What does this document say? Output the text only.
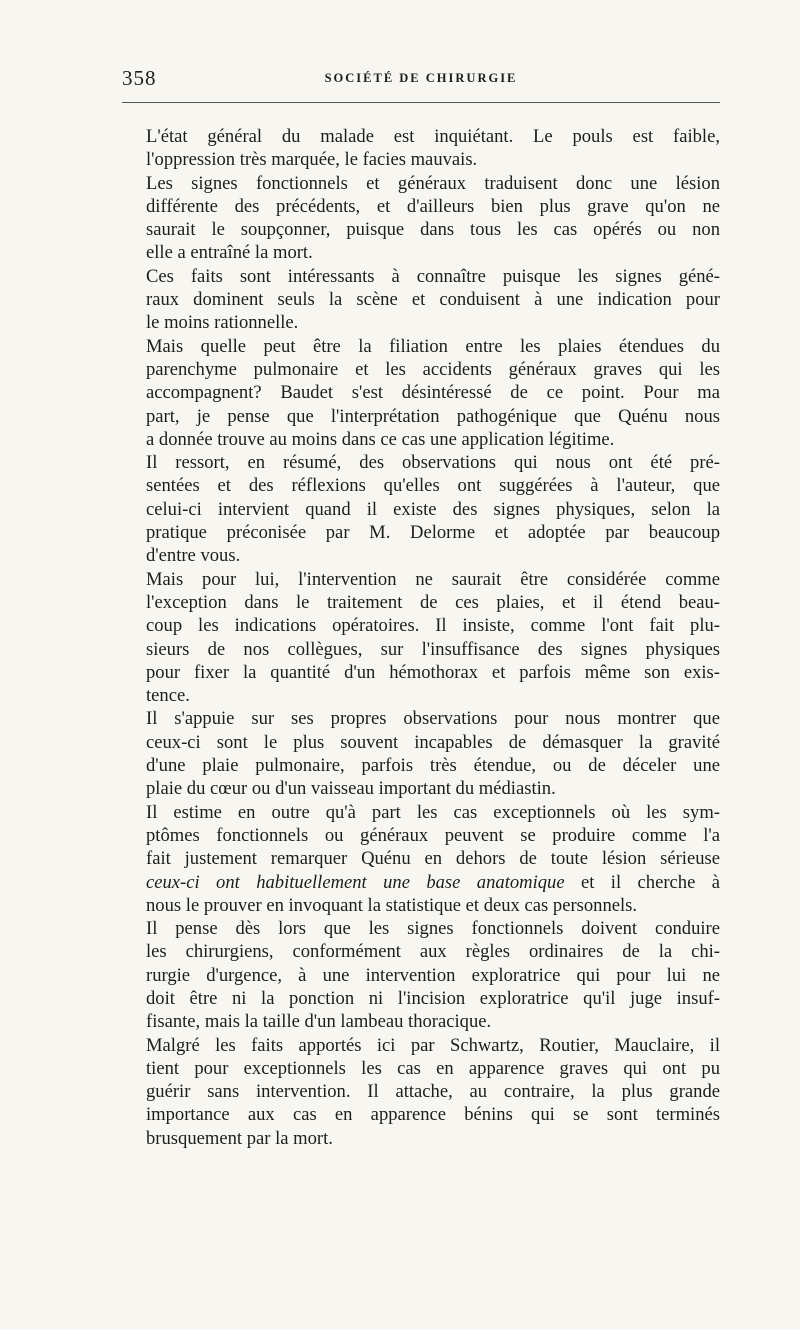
358	SOCIÉTÉ DE CHIRURGIE

L'état général du malade est inquiétant. Le pouls est faible,
l'oppression très marquée, le facies mauvais.

Les signes fonctionnels et généraux traduisent donc une lésion
différente des précédents, et d'ailleurs bien plus grave qu'on ne
saurait le soupçonner, puisque dans tous les cas opérés ou non
elle a entraîné la mort.

Ces faits sont intéressants à connaître puisque les signes géné-
raux dominent seuls la scène et conduisent à une indication pour
le moins rationnelle.

Mais quelle peut être la filiation entre les plaies étendues du
parenchyme pulmonaire et les accidents généraux graves qui les
accompagnent? Baudet s'est désintéressé de ce point. Pour ma
part, je pense que l'interprétation pathogénique que Quénu nous
a donnée trouve au moins dans ce cas une application légitime.

Il ressort, en résumé, des observations qui nous ont été pré-
sentées et des réflexions qu'elles ont suggérées à l'auteur, que
celui-ci intervient quand il existe des signes physiques, selon la
pratique préconisée par M. Delorme et adoptée par beaucoup
d'entre vous.

Mais pour lui, l'intervention ne saurait être considérée comme
l'exception dans le traitement de ces plaies, et il étend beau-
coup les indications opératoires. Il insiste, comme l'ont fait plu-
sieurs de nos collègues, sur l'insuffisance des signes physiques
pour fixer la quantité d'un hémothorax et parfois même son exis-
tence.

Il s'appuie sur ses propres observations pour nous montrer que
ceux-ci sont le plus souvent incapables de démasquer la gravité
d'une plaie pulmonaire, parfois très étendue, ou de déceler une
plaie du cœur ou d'un vaisseau important du médiastin.

Il estime en outre qu'à part les cas exceptionnels où les sym-
ptômes fonctionnels ou généraux peuvent se produire comme l'a
fait justement remarquer Quénu en dehors de toute lésion sérieuse
ceux-ci ont habituellement une base anatomique et il cherche à
nous le prouver en invoquant la statistique et deux cas personnels.

Il pense dès lors que les signes fonctionnels doivent conduire
les chirurgiens, conformément aux règles ordinaires de la chi-
rurgie d'urgence, à une intervention exploratrice qui pour lui ne
doit être ni la ponction ni l'incision exploratrice qu'il juge insuf-
fisante, mais la taille d'un lambeau thoracique.

Malgré les faits apportés ici par Schwartz, Routier, Mauclaire, il
tient pour exceptionnels les cas en apparence graves qui ont pu
guérir sans intervention. Il attache, au contraire, la plus grande
importance aux cas en apparence bénins qui se sont terminés
brusquement par la mort.
